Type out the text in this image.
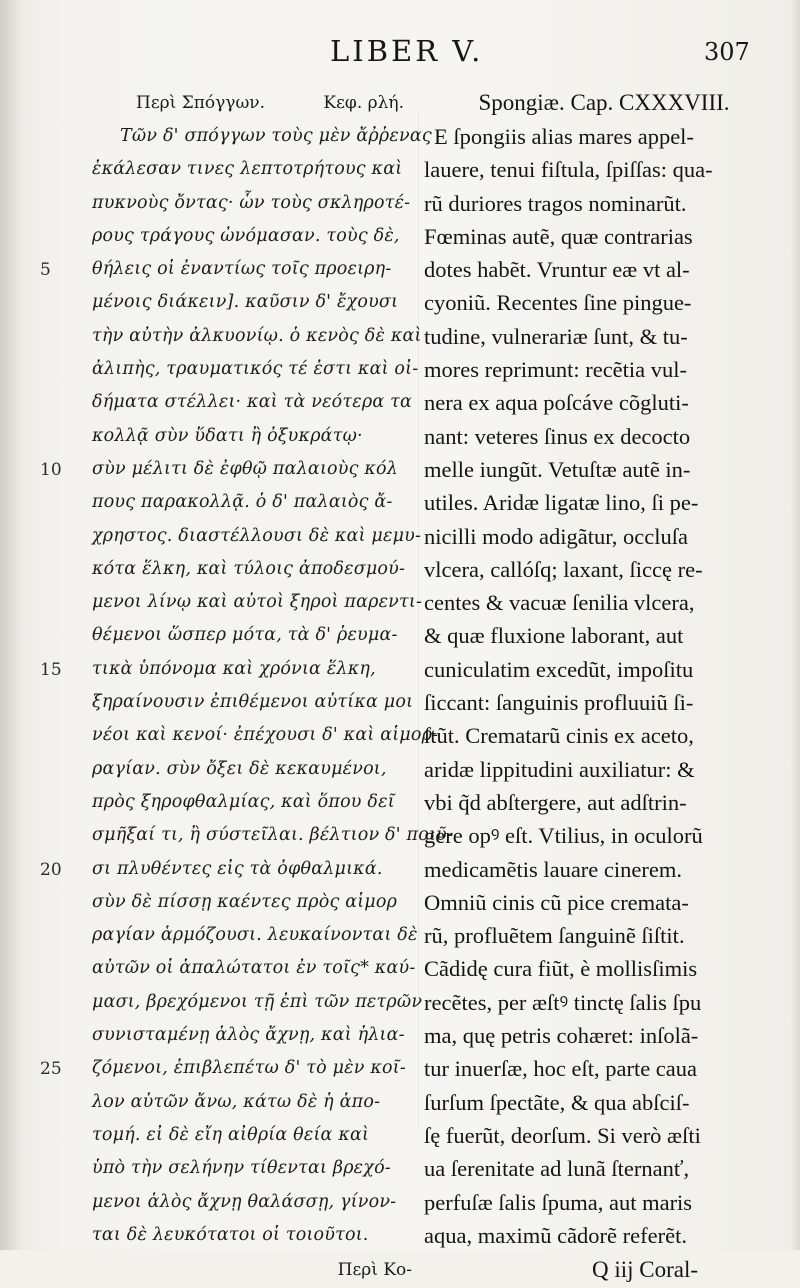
LIBER V.	307
Περὶ Σπόγγων.	Κεφ. ρλή.
Τῶν δ' σπόγγων τοὺς μὲν ἄῤῥενας
ἐκάλεσαν τινες λεπτοτρήτους καὶ
πυκνοὺς ὄντας· ὧν τοὺς σκληροτέ-
ρους τράγους ὠνόμασαν. τοὺς δὲ,
θήλεις οἱ ἐναντίως τοῖς προειρη-
μένοις διάκειν]. καῦσιν δ' ἔχουσι
τὴν αὐτὴν ἀλκυονίῳ. ὁ κενὸς δὲ καὶ
ἀλιπὴς, τραυματικός τέ ἐστι καὶ οἰ-
δήματα στέλλει· καὶ τὰ νεότερα τα
κολλᾷ σὺν ὕδατι ἢ ὀξυκράτῳ·
σὺν μέλιτι δὲ ἐφθῷ παλαιοὺς κόλ
πους παρακολλᾷ. ὁ δ' παλαιὸς ἄ-
χρηστος. διαστέλλουσι δὲ καὶ μεμυ-
κότα ἕλκη, καὶ τύλοις ἀποδεσμού-
μενοι λίνῳ καὶ αὐτοὶ ξηροὶ παρεντι-
θέμενοι ὥσπερ μότα, τὰ δ' ῥευμα-
τικὰ ὑπόνομα καὶ χρόνια ἕλκη,
ξηραίνουσιν ἐπιθέμενοι αὐτίκα μοι
νέοι καὶ κενοί· ἐπέχουσι δ' καὶ αἱμορ-
ραγίαν. σὺν ὄξει δὲ κεκαυμένοι,
πρὸς ξηροφθαλμίας, καὶ ὅπου δεῖ
σμῆξαί τι, ἢ σύστεῖλαι. βέλτιον δ' ποιῦ-
σι πλυθέντες εἰς τὰ ὀφθαλμικά.
σὺν δὲ πίσσῃ καέντες πρὸς αἱμορ
ραγίαν ἁρμόζουσι. λευκαίνονται δὲ
αὐτῶν οἱ ἁπαλώτατοι ἐν τοῖς* καύ-
μασι, βρεχόμενοι τῇ ἐπὶ τῶν πετρῶν
συνισταμένῃ ἁλὸς ἄχνῃ, καὶ ἡλια-
ζόμενοι, ἐπιβλεπέτω δ' τὸ μὲν κοῖ-
λον αὐτῶν ἄνω, κάτω δὲ ἡ ἀπο-
τομή. εἰ δὲ εἴη αἰθρία θεία καὶ
ὑπὸ τὴν σελήνην τίθενται βρεχό-
μενοι ἁλὸς ἄχνῃ θαλάσσῃ, γίνον-
ται δὲ λευκότατοι οἱ τοιοῦτοι.
Περὶ Κο-
5
10
15
20
25
Spongiæ. Cap. CXXXVIII.
E ſpongiis alias mares appel-
lauere, tenui fiſtula, ſpiſſas: qua-
rũ duriores tragos nominarũt.
Fœminas autẽ, quæ contrarias
dotes habẽt. Vruntur eæ vt al-
cyoniũ. Recentes ſine pingue-
tudine, vulnerariæ ſunt, & tu-
mores reprimunt: recẽtia vul-
nera ex aqua poſcáve cõgluti-
nant: veteres ſinus ex decocto
melle iungũt. Vetuſtæ autẽ in-
utiles. Aridæ ligatæ lino, ſi pe-
nicilli modo adigãtur, occluſa
vlcera, callóſq; laxant, ſiccę re-
centes & vacuæ ſenilia vlcera,
& quæ fluxione laborant, aut
cuniculatim excedũt, impoſitu
ſiccant: ſanguinis profluuiũ ſi-
ſtũt. Crematarũ cinis ex aceto,
aridæ lippitudini auxiliatur: &
vbi q̃d abſtergere, aut adſtrin-
gere opꝰ eſt. Vtilius, in oculorũ
medicamẽtis lauare cinerem.
Omniũ cinis cũ pice cremata-
rũ, profluẽtem ſanguinẽ ſiſtit.
Cãdidę cura fiũt, è mollisſimis
recẽtes, per æſtꝰ tinctę ſalis ſpu
ma, quę petris cohæret: inſolã-
tur inuerſæ, hoc eſt, parte caua
ſurſum ſpectãte, & qua abſciſ-
ſę fuerũt, deorſum. Si verò æſti
ua ſerenitate ad lunã ſternanť,
perfuſæ ſalis ſpuma, aut maris
aqua, maximũ cãdorẽ referẽt.
Q iij Coral-
